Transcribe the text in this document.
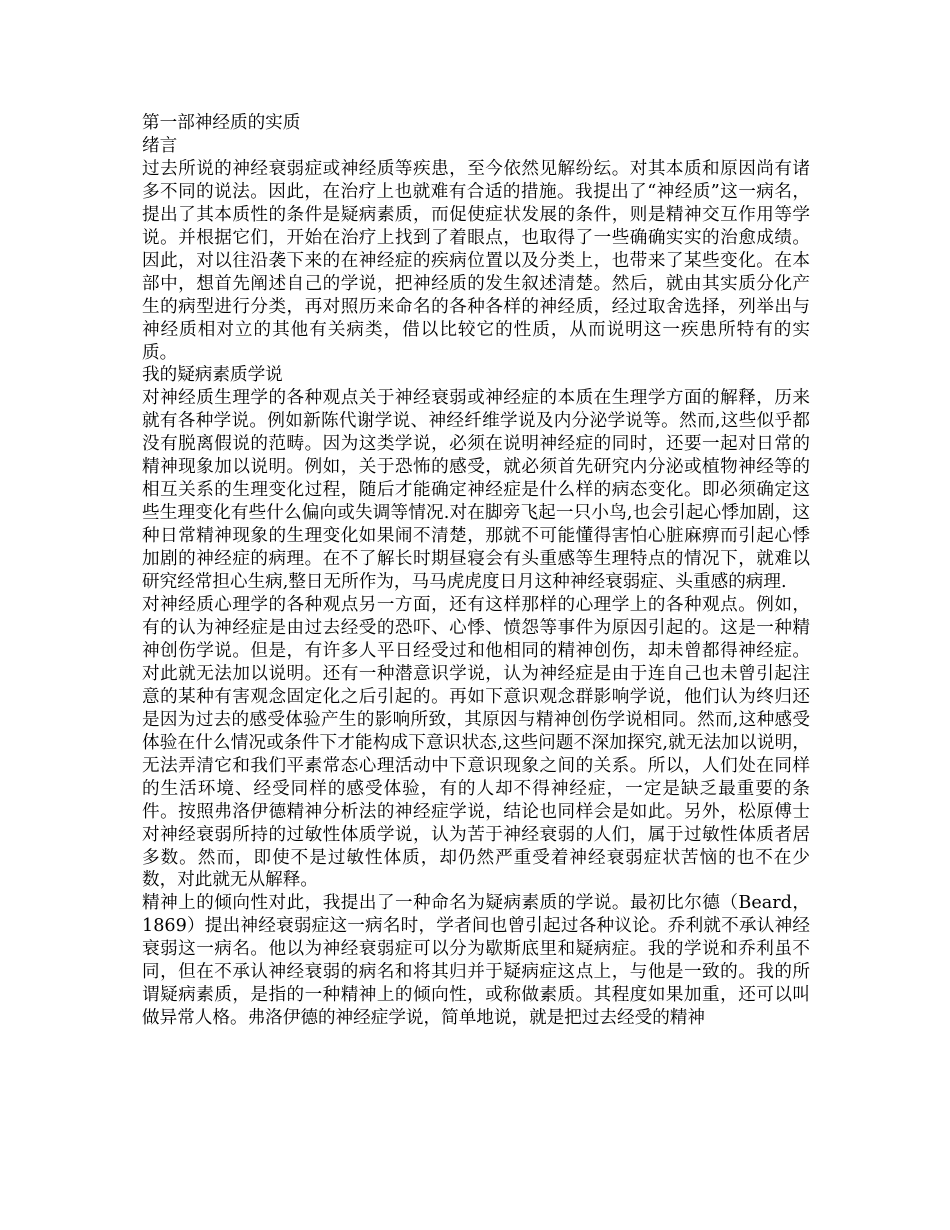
第一部神经质的实质

绪言

过去所说的神经衰弱症或神经质等疾患，至今依然见解纷纭。对其本质和原因尚有诸多不同的说法。因此，在治疗上也就难有合适的措施。我提出了“神经质”这一病名，提出了其本质性的条件是疑病素质，而促使症状发展的条件，则是精神交互作用等学说。并根据它们，开始在治疗上找到了着眼点，也取得了一些确确实实的治愈成绩。因此，对以往沿袭下来的在神经症的疾病位置以及分类上，也带来了某些变化。在本部中，想首先阐述自己的学说，把神经质的发生叙述清楚。然后，就由其实质分化产生的病型进行分类，再对照历来命名的各种各样的神经质，经过取舍选择，列举出与神经质相对立的其他有关病类，借以比较它的性质，从而说明这一疾患所特有的实质。

我的疑病素质学说

对神经质生理学的各种观点关于神经衰弱或神经症的本质在生理学方面的解释，历来就有各种学说。例如新陈代谢学说、神经纤维学说及内分泌学说等。然而,这些似乎都没有脱离假说的范畴。因为这类学说，必须在说明神经症的同时，还要一起对日常的精神现象加以说明。例如，关于恐怖的感受，就必须首先研究内分泌或植物神经等的相互关系的生理变化过程，随后才能确定神经症是什么样的病态变化。即必须确定这些生理变化有些什么偏向或失调等情况.对在脚旁飞起一只小鸟,也会引起心悸加剧，这种日常精神现象的生理变化如果闹不清楚，那就不可能懂得害怕心脏麻痹而引起心悸加剧的神经症的病理。在不了解长时期昼寝会有头重感等生理特点的情况下，就难以研究经常担心生病,整日无所作为，马马虎虎度日月这种神经衰弱症、头重感的病理.

对神经质心理学的各种观点另一方面，还有这样那样的心理学上的各种观点。例如，有的认为神经症是由过去经受的恐吓、心悸、愤怨等事件为原因引起的。这是一种精神创伤学说。但是，有许多人平日经受过和他相同的精神创伤，却未曾都得神经症。对此就无法加以说明。还有一种潜意识学说，认为神经症是由于连自己也未曾引起注意的某种有害观念固定化之后引起的。再如下意识观念群影响学说，他们认为终归还是因为过去的感受体验产生的影响所致，其原因与精神创伤学说相同。然而,这种感受体验在什么情况或条件下才能构成下意识状态,这些问题不深加探究,就无法加以说明，无法弄清它和我们平素常态心理活动中下意识现象之间的关系。所以，人们处在同样的生活环境、经受同样的感受体验，有的人却不得神经症，一定是缺乏最重要的条件。按照弗洛伊德精神分析法的神经症学说，结论也同样会是如此。另外，松原傅士对神经衰弱所持的过敏性体质学说，认为苦于神经衰弱的人们，属于过敏性体质者居多数。然而，即使不是过敏性体质，却仍然严重受着神经衰弱症状苦恼的也不在少数，对此就无从解释。

精神上的倾向性对此，我提出了一种命名为疑病素质的学说。最初比尔德（Beard，1869）提出神经衰弱症这一病名时，学者间也曾引起过各种议论。乔利就不承认神经衰弱这一病名。他以为神经衰弱症可以分为歇斯底里和疑病症。我的学说和乔利虽不同，但在不承认神经衰弱的病名和将其归并于疑病症这点上，与他是一致的。我的所谓疑病素质，是指的一种精神上的倾向性，或称做素质。其程度如果加重，还可以叫做异常人格。弗洛伊德的神经症学说，简单地说，就是把过去经受的精神
